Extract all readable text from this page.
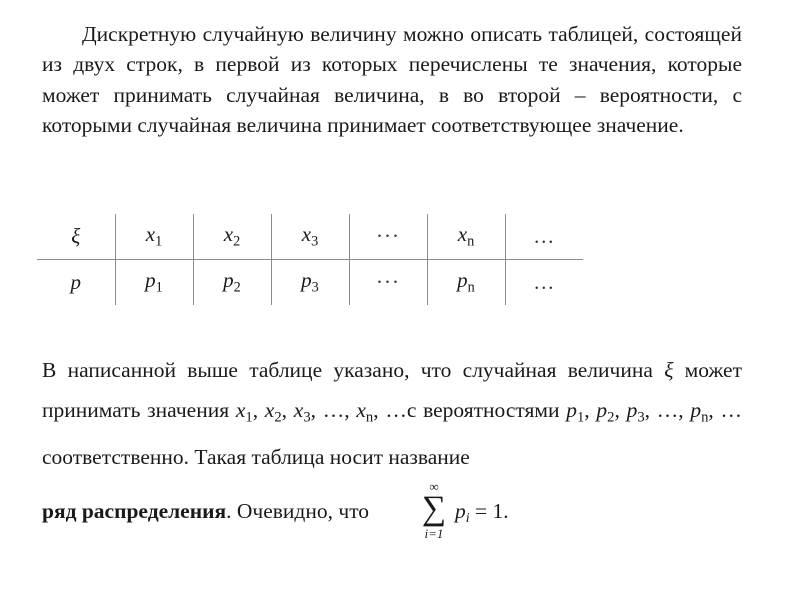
Дискретную случайную величину можно описать таблицей, состоящей из двух строк, в первой из которых перечислены те значения, которые может принимать случайная величина, в во второй – вероятности, с которыми случайная величина принимает соответствующее значение.

ξ	$x_1$	$x_2$	$x_3$	···	$x_n$	…
p	$p_1$	$p_2$	$p_3$	···	$p_n$	…

В написанной выше таблице указано, что случайная величина ξ может принимать значения $x_1$, $x_2$, $x_3$, …, $x_n$, …с вероятностями $p_1$, $p_2$, $p_3$, …, $p_n$, … соответственно. Такая таблица носит название

ряд распределения. Очевидно, что
∞
∑
i=1
$p_i = 1$.
